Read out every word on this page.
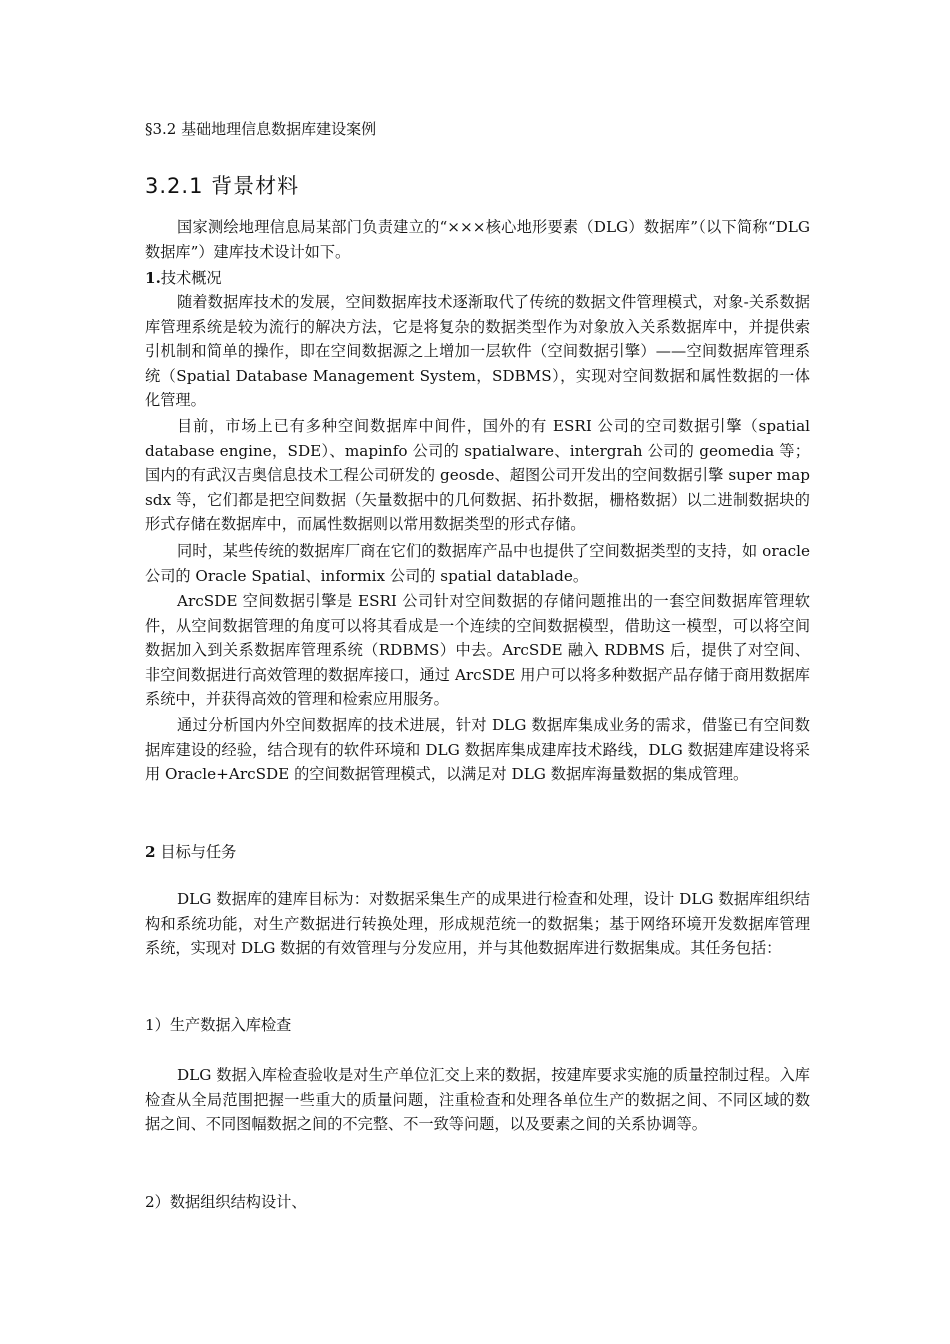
§3.2 基础地理信息数据库建设案例
3.2.1 背景材料
国家测绘地理信息局某部门负责建立的“×××核心地形要素（DLG）数据库”（以下简称“DLG 数据库”）建库技术设计如下。
1.技术概况
随着数据库技术的发展，空间数据库技术逐渐取代了传统的数据文件管理模式，对象-关系数据库管理系统是较为流行的解决方法，它是将复杂的数据类型作为对象放入关系数据库中，并提供索引机制和简单的操作，即在空间数据源之上增加一层软件（空间数据引擎）——空间数据库管理系统（Spatial Database Management System，SDBMS），实现对空间数据和属性数据的一体化管理。
目前，市场上已有多种空间数据库中间件，国外的有 ESRI 公司的空司数据引擎（spatial database engine，SDE）、mapinfo 公司的 spatialware、intergrah 公司的 geomedia 等；国内的有武汉吉奥信息技术工程公司研发的 geosde、超图公司开发出的空间数据引擎 super map sdx 等，它们都是把空间数据（矢量数据中的几何数据、拓扑数据，栅格数据）以二进制数据块的形式存储在数据库中，而属性数据则以常用数据类型的形式存储。
同时，某些传统的数据库厂商在它们的数据库产品中也提供了空间数据类型的支持，如 oracle 公司的 Oracle Spatial、informix 公司的 spatial datablade。
ArcSDE 空间数据引擎是 ESRI 公司针对空间数据的存储问题推出的一套空间数据库管理软件，从空间数据管理的角度可以将其看成是一个连续的空间数据模型，借助这一模型，可以将空间数据加入到关系数据库管理系统（RDBMS）中去。ArcSDE 融入 RDBMS 后，提供了对空间、非空间数据进行高效管理的数据库接口，通过 ArcSDE 用户可以将多种数据产品存储于商用数据库系统中，并获得高效的管理和检索应用服务。
通过分析国内外空间数据库的技术进展，针对 DLG 数据库集成业务的需求，借鉴已有空间数据库建设的经验，结合现有的软件环境和 DLG 数据库集成建库技术路线，DLG 数据建库建设将采用 Oracle+ArcSDE 的空间数据管理模式，以满足对 DLG 数据库海量数据的集成管理。
2 目标与任务
DLG 数据库的建库目标为：对数据采集生产的成果进行检查和处理，设计 DLG 数据库组织结构和系统功能，对生产数据进行转换处理，形成规范统一的数据集；基于网络环境开发数据库管理系统，实现对 DLG 数据的有效管理与分发应用，并与其他数据库进行数据集成。其任务包括：
1）生产数据入库检查
DLG 数据入库检查验收是对生产单位汇交上来的数据，按建库要求实施的质量控制过程。入库检查从全局范围把握一些重大的质量问题，注重检查和处理各单位生产的数据之间、不同区域的数据之间、不同图幅数据之间的不完整、不一致等问题，以及要素之间的关系协调等。
2）数据组织结构设计、
